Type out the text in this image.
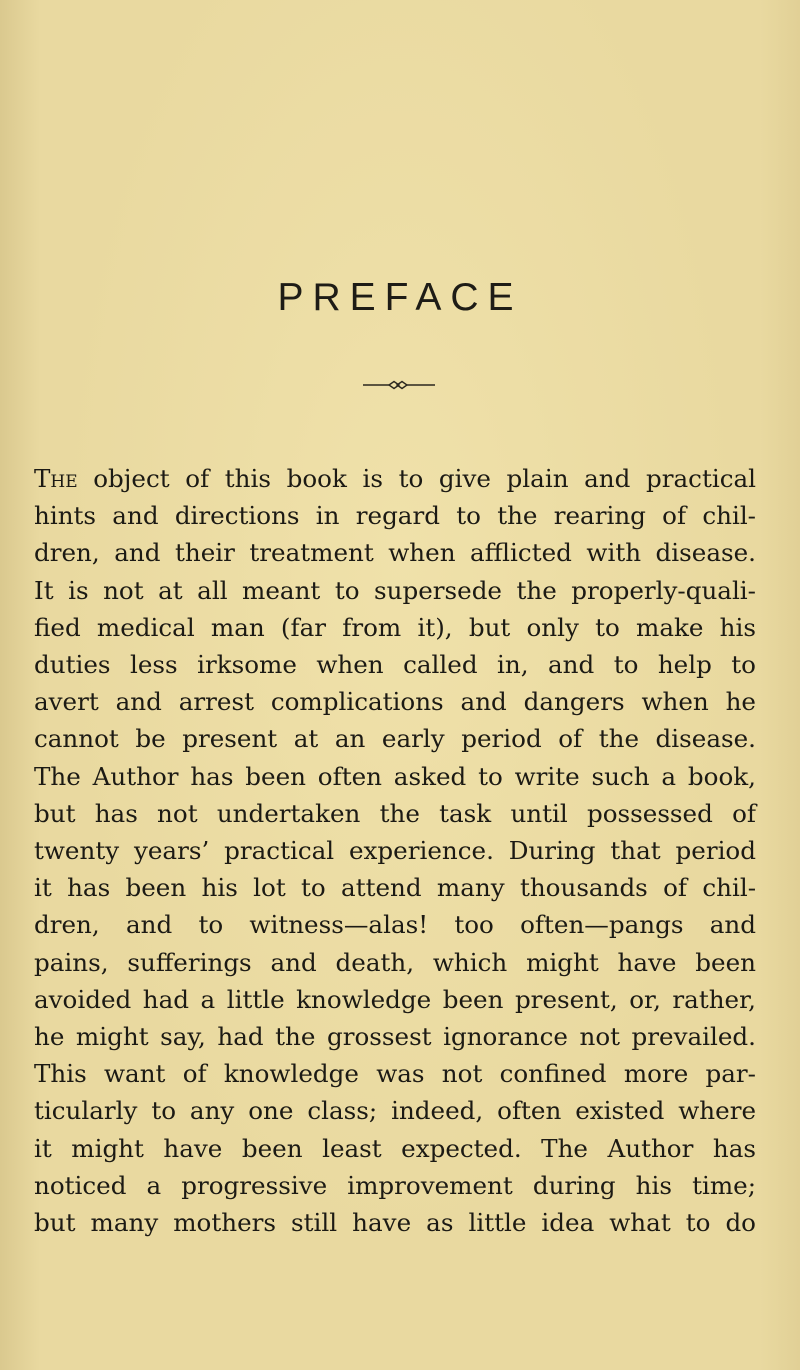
PREFACE
The object of this book is to give plain and practical
hints and directions in regard to the rearing of chil-
dren, and their treatment when afflicted with disease.
It is not at all meant to supersede the properly-quali-
fied medical man (far from it), but only to make his
duties less irksome when called in, and to help to
avert and arrest complications and dangers when he
cannot be present at an early period of the disease.
The Author has been often asked to write such a book,
but has not undertaken the task until possessed of
twenty years’ practical experience. During that period
it has been his lot to attend many thousands of chil-
dren, and to witness—alas! too often—pangs and
pains, sufferings and death, which might have been
avoided had a little knowledge been present, or, rather,
he might say, had the grossest ignorance not prevailed.
This want of knowledge was not confined more par-
ticularly to any one class; indeed, often existed where
it might have been least expected. The Author has
noticed a progressive improvement during his time;
but many mothers still have as little idea what to do
